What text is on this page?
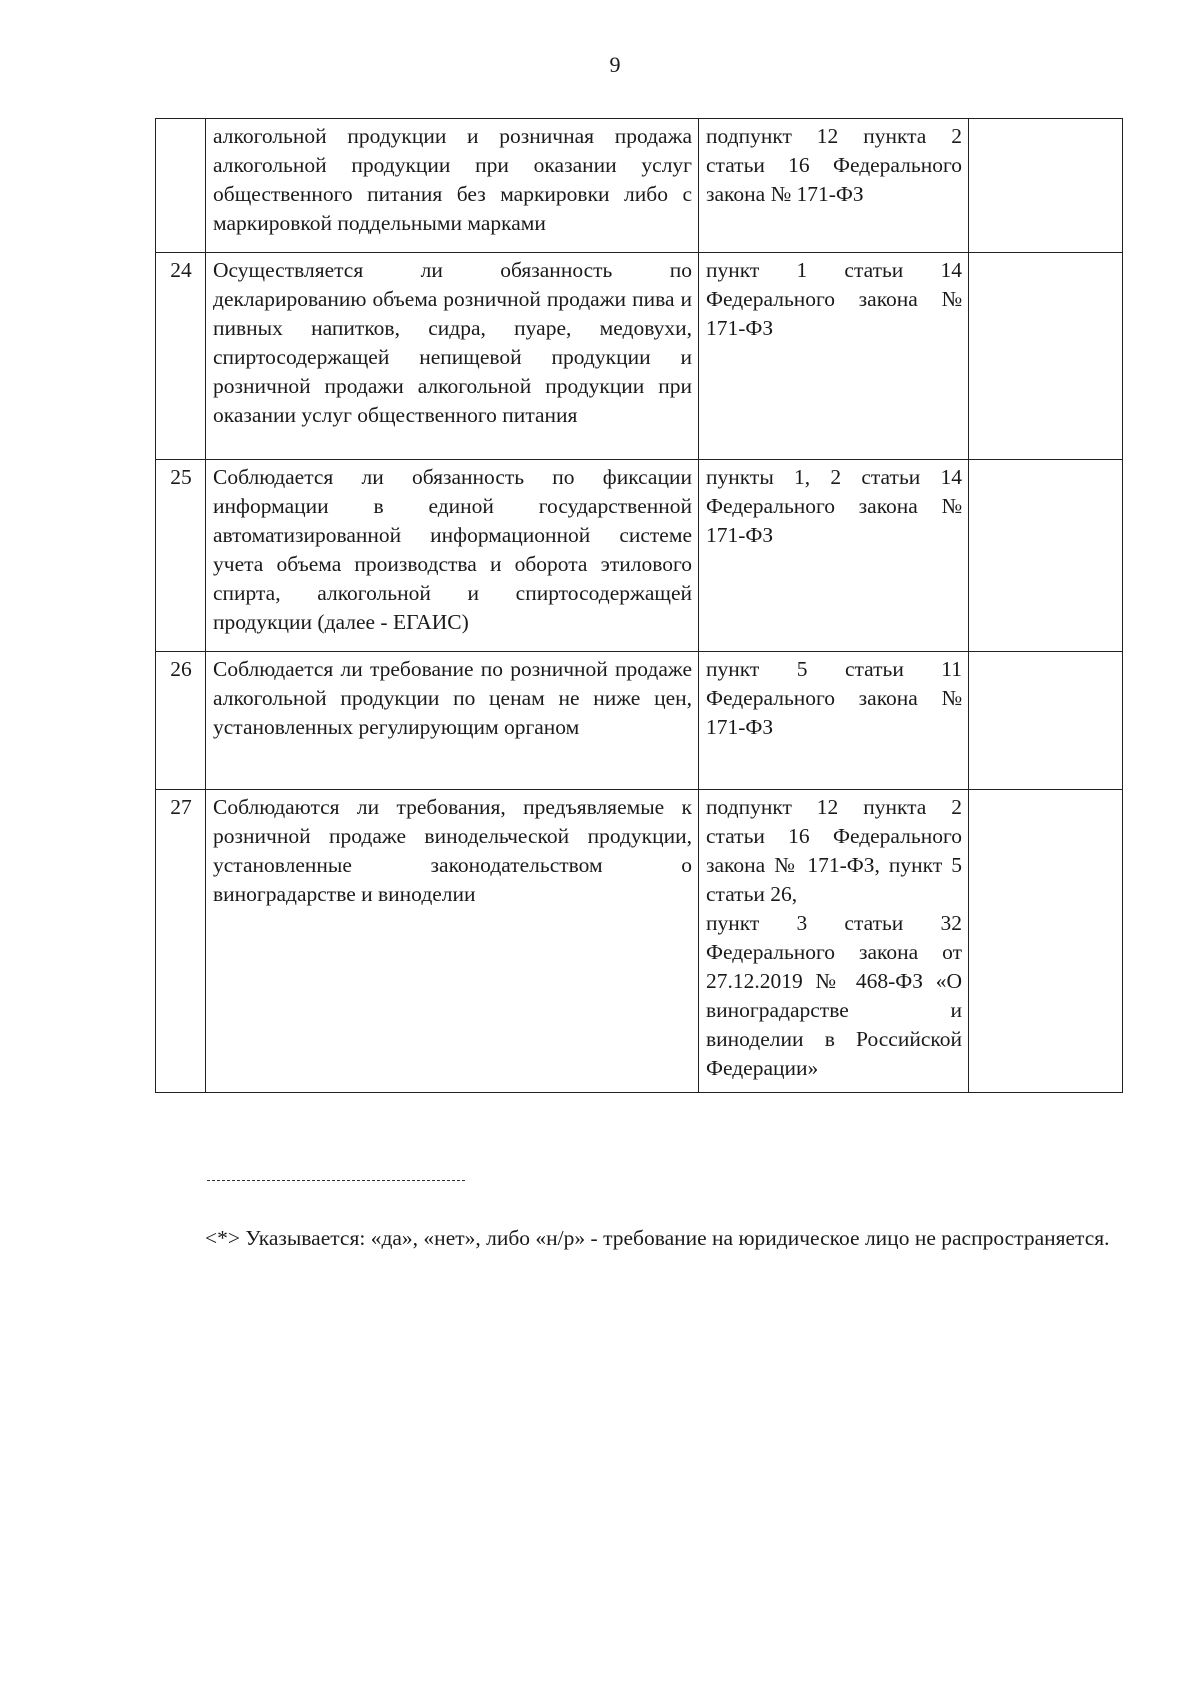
9
	алкогольной продукции и розничная продажа алкогольной продукции при оказании услуг общественного питания без маркировки либо с маркировкой поддельными марками	подпункт 12 пункта 2 статьи 16 Федерального закона № 171-ФЗ	

24	Осуществляется ли обязанность по декларированию объема розничной продажи пива и пивных напитков, сидра, пуаре, медовухи, спиртосодержащей непищевой продукции и розничной продажи алкогольной продукции при оказании услуг общественного питания	пункт 1 статьи 14 Федерального закона № 171-ФЗ	

25	Соблюдается ли обязанность по фиксации информации в единой государственной автоматизированной информационной системе учета объема производства и оборота этилового спирта, алкогольной и спиртосодержащей продукции (далее - ЕГАИС)	пункты 1, 2 статьи 14 Федерального закона № 171-ФЗ	

26	Соблюдается ли требование по розничной продаже алкогольной продукции по ценам не ниже цен, установленных регулирующим органом	пункт 5 статьи 11 Федерального закона № 171-ФЗ	

27	Соблюдаются ли требования, предъявляемые к розничной продаже винодельческой продукции, установленные законодательством о виноградарстве и виноделии	подпункт 12 пункта 2 статьи 16 Федерального закона № 171-ФЗ, пункт 5 статьи 26,

пункт 3 статьи 32 Федерального закона от 27.12.2019 № 468-ФЗ «О виноградарстве и виноделии в Российской Федерации»	

<*> Указывается: «да», «нет», либо «н/р» - требование на юридическое лицо не распространяется.
